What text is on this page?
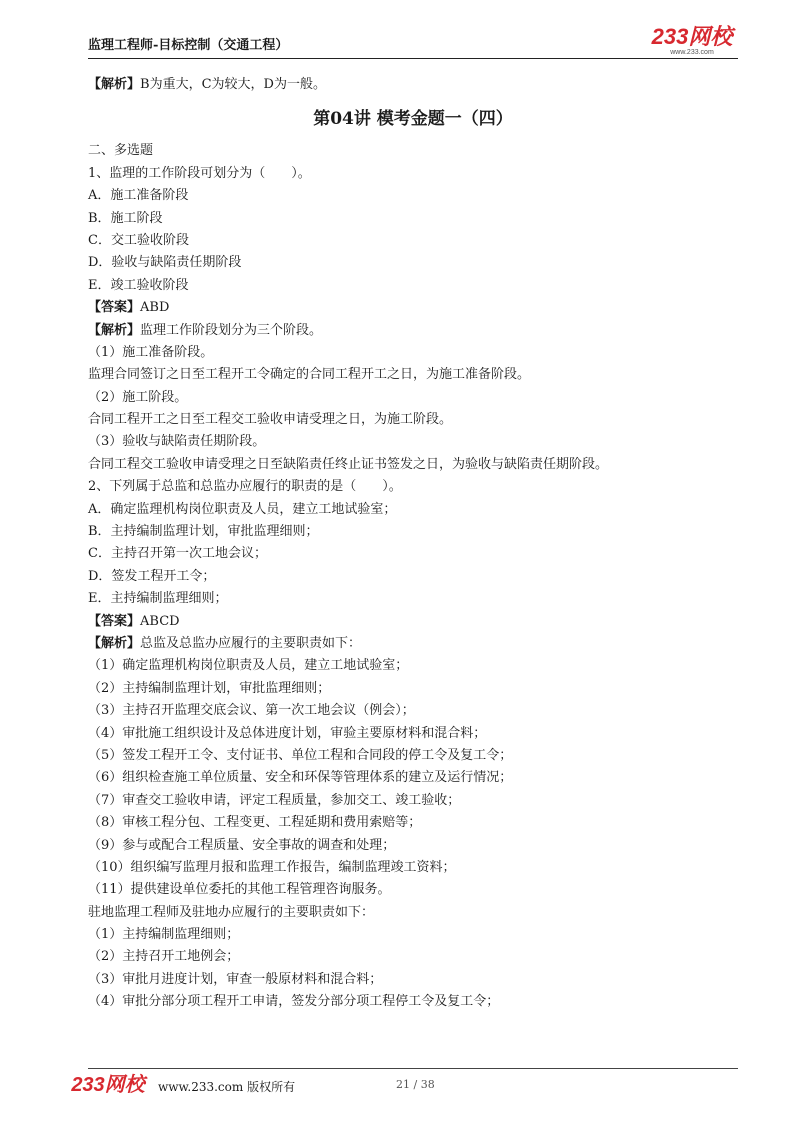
监理工程师-目标控制（交通工程）	233网校
www.233.com
【解析】B为重大，C为较大，D为一般。
第04讲 模考金题一（四）
二、多选题
1、监理的工作阶段可划分为（　　）。
A．施工准备阶段
B．施工阶段
C．交工验收阶段
D．验收与缺陷责任期阶段
E．竣工验收阶段
【答案】ABD
【解析】监理工作阶段划分为三个阶段。
（1）施工准备阶段。
监理合同签订之日至工程开工令确定的合同工程开工之日，为施工准备阶段。
（2）施工阶段。
合同工程开工之日至工程交工验收申请受理之日，为施工阶段。
（3）验收与缺陷责任期阶段。
合同工程交工验收申请受理之日至缺陷责任终止证书签发之日，为验收与缺陷责任期阶段。
2、下列属于总监和总监办应履行的职责的是（　　）。
A．确定监理机构岗位职责及人员，建立工地试验室；
B．主持编制监理计划，审批监理细则；
C．主持召开第一次工地会议；
D．签发工程开工令；
E．主持编制监理细则；
【答案】ABCD
【解析】总监及总监办应履行的主要职责如下：
（1）确定监理机构岗位职责及人员，建立工地试验室；
（2）主持编制监理计划，审批监理细则；
（3）主持召开监理交底会议、第一次工地会议（例会）；
（4）审批施工组织设计及总体进度计划，审验主要原材料和混合料；
（5）签发工程开工令、支付证书、单位工程和合同段的停工令及复工令；
（6）组织检查施工单位质量、安全和环保等管理体系的建立及运行情况；
（7）审查交工验收申请，评定工程质量，参加交工、竣工验收；
（8）审核工程分包、工程变更、工程延期和费用索赔等；
（9）参与或配合工程质量、安全事故的调查和处理；
（10）组织编写监理月报和监理工作报告，编制监理竣工资料；
（11）提供建设单位委托的其他工程管理咨询服务。
驻地监理工程师及驻地办应履行的主要职责如下：
（1）主持编制监理细则；
（2）主持召开工地例会；
（3）审批月进度计划，审查一般原材料和混合料；
（4）审批分部分项工程开工申请，签发分部分项工程停工令及复工令；
233网校	www.233.com 版权所有	21 / 38
